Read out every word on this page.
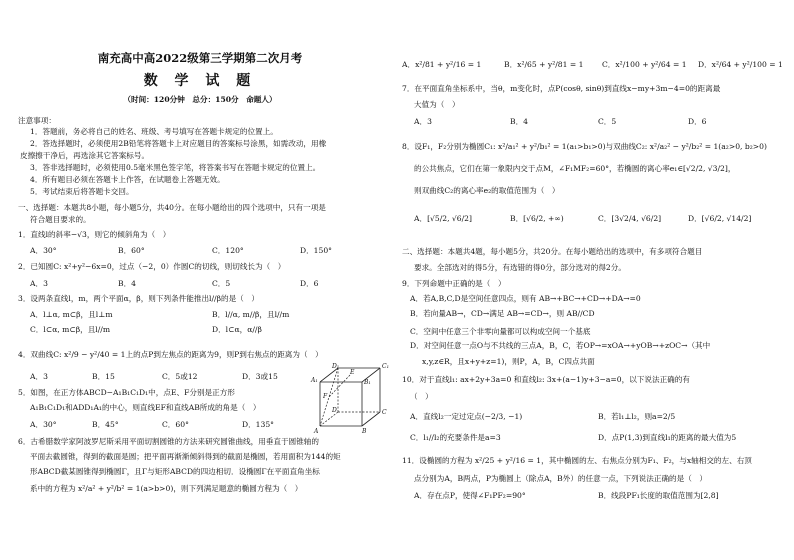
南充高中高2022级第三学期第二次月考
数 学 试 题
（时间：120分钟　总分：150分　命题人）
注意事项：
1．答题前，务必将自己的姓名、班级、考号填写在答题卡规定的位置上。
2．答选择题时，必须使用2B铅笔将答题卡上对应题目的答案标号涂黑，如需改动，用橡
皮擦擦干净后，再选涂其它答案标号。
3．答非选择题时，必须使用0.5毫米黑色签字笔，将答案书写在答题卡规定的位置上。
4．所有题目必须在答题卡上作答，在试题卷上答题无效。
5．考试结束后将答题卡交回。
一、选择题：本题共8小题，每小题5分，共40分。在每小题给出的四个选项中，只有一项是
符合题目要求的。
1．直线l的斜率−√3，则它的倾斜角为（　）
A．30°	B．60°	C．120°	D．150°
2．已知圆C: x²+y²−6x=0，过点（−2，0）作圆C的切线，则切线长为（　）
A．3	B．4	C．5	D．6
3．设两条直线l，m，两个平面α，β，则下列条件能推出l//β的是（　）
A．l⊥α, m⊂β，且l⊥m	B．l//α, m//β，且l//m
C．l⊂α, m⊂β，且l//m	D．l⊂α，α//β
4．双曲线C: x²/9 − y²/40 = 1上的点P到左焦点的距离为9，则P到右焦点的距离为（　）
A．3	B．15	C．5或12	D．3或15
5．如图，在正方体ABCD−A₁B₁C₁D₁中，点E、F分别是正方形
A₁B₁C₁D₁和ADD₁A₁的中心，则直线EF和直线AB所成的角是（　）
A．30°	B．45°	C．60°	D．135°
D₁	C₁
A₁	B₁
E
F
D	C
A	B
6．古希腊数学家阿波罗尼斯采用平面切割圆锥的方法来研究圆锥曲线，用垂直于圆锥轴的
平面去截圆锥，得到的截面是圆；把平面再渐渐倾斜得到的截面是椭圆，若用面积为144的矩
形ABCD截某圆锥得到椭圆Γ，且Γ与矩形ABCD的四边相切．设椭圆Γ在平面直角坐标
系中的方程为 x²/a² + y²/b² = 1(a>b>0)，则下列满足题意的椭圆方程为（　）
A．x²/81 + y²/16 = 1	B．x²/65 + y²/81 = 1 C．x²/100 + y²/64 = 1 D．x²/64 + y²/100 = 1
7．在平面直角坐标系中，当θ，m变化时，点P(cosθ, sinθ)到直线x−my+3m−4=0的距离最
大值为（　）
A．3	B．4	C．5	D．6
8．设F₁，F₂分别为椭圆C₁: x²/a₁² + y²/b₁² = 1(a₁>b₁>0)与双曲线C₂: x²/a₂² − y²/b₂² = 1(a₂>0, b₂>0)
的公共焦点，它们在第一象限内交于点M，∠F₁MF₂=60°，若椭圆的离心率e₁∈[√2/2, √3/2]，
则双曲线C₂的离心率e₂的取值范围为（　）
A．[√5/2, √6/2]	B．[√6/2, +∞)	C．[3√2/4, √6/2]	D．[√6/2, √14/2]
二、选择题：本题共4题，每小题5分，共20分。在每小题给出的选项中，有多项符合题目
要求。全部选对的得5分，有选错的得0分，部分选对的得2分。
9．下列命题中正确的是（　）
A．若A,B,C,D是空间任意四点，则有 AB→+BC→+CD→+DA→=0
B．若向量AB→，CD→满足 AB→=CD→，则 AB//CD
C．空间中任意三个非零向量都可以构成空间一个基底
D．对空间任意一点O与不共线的三点A，B，C，若OP→=xOA→+yOB→+zOC→（其中
x,y,z∈R，且x+y+z=1)，则P，A，B，C四点共面
10．对于直线l₁: ax+2y+3a=0 和直线l₂: 3x+(a−1)y+3−a=0，以下说法正确的有
（　）
A．直线l₂一定过定点(−2/3, −1)	B．若l₁⊥l₂，则a=2/5
C．l₁//l₂的充要条件是a=3	D．点P(1,3)到直线l₁的距离的最大值为5
11．设椭圆的方程为 x²/25 + y²/16 = 1，其中椭圆的左、右焦点分别为F₁、F₂，与x轴相交的左、右顶
点分别为A，B两点，P为椭圆上（除点A，B外）的任意一点，下列说法正确的是（　）
A．存在点P，使得∠F₁PF₂=90°	B．线段PF₁长度的取值范围为[2,8]
